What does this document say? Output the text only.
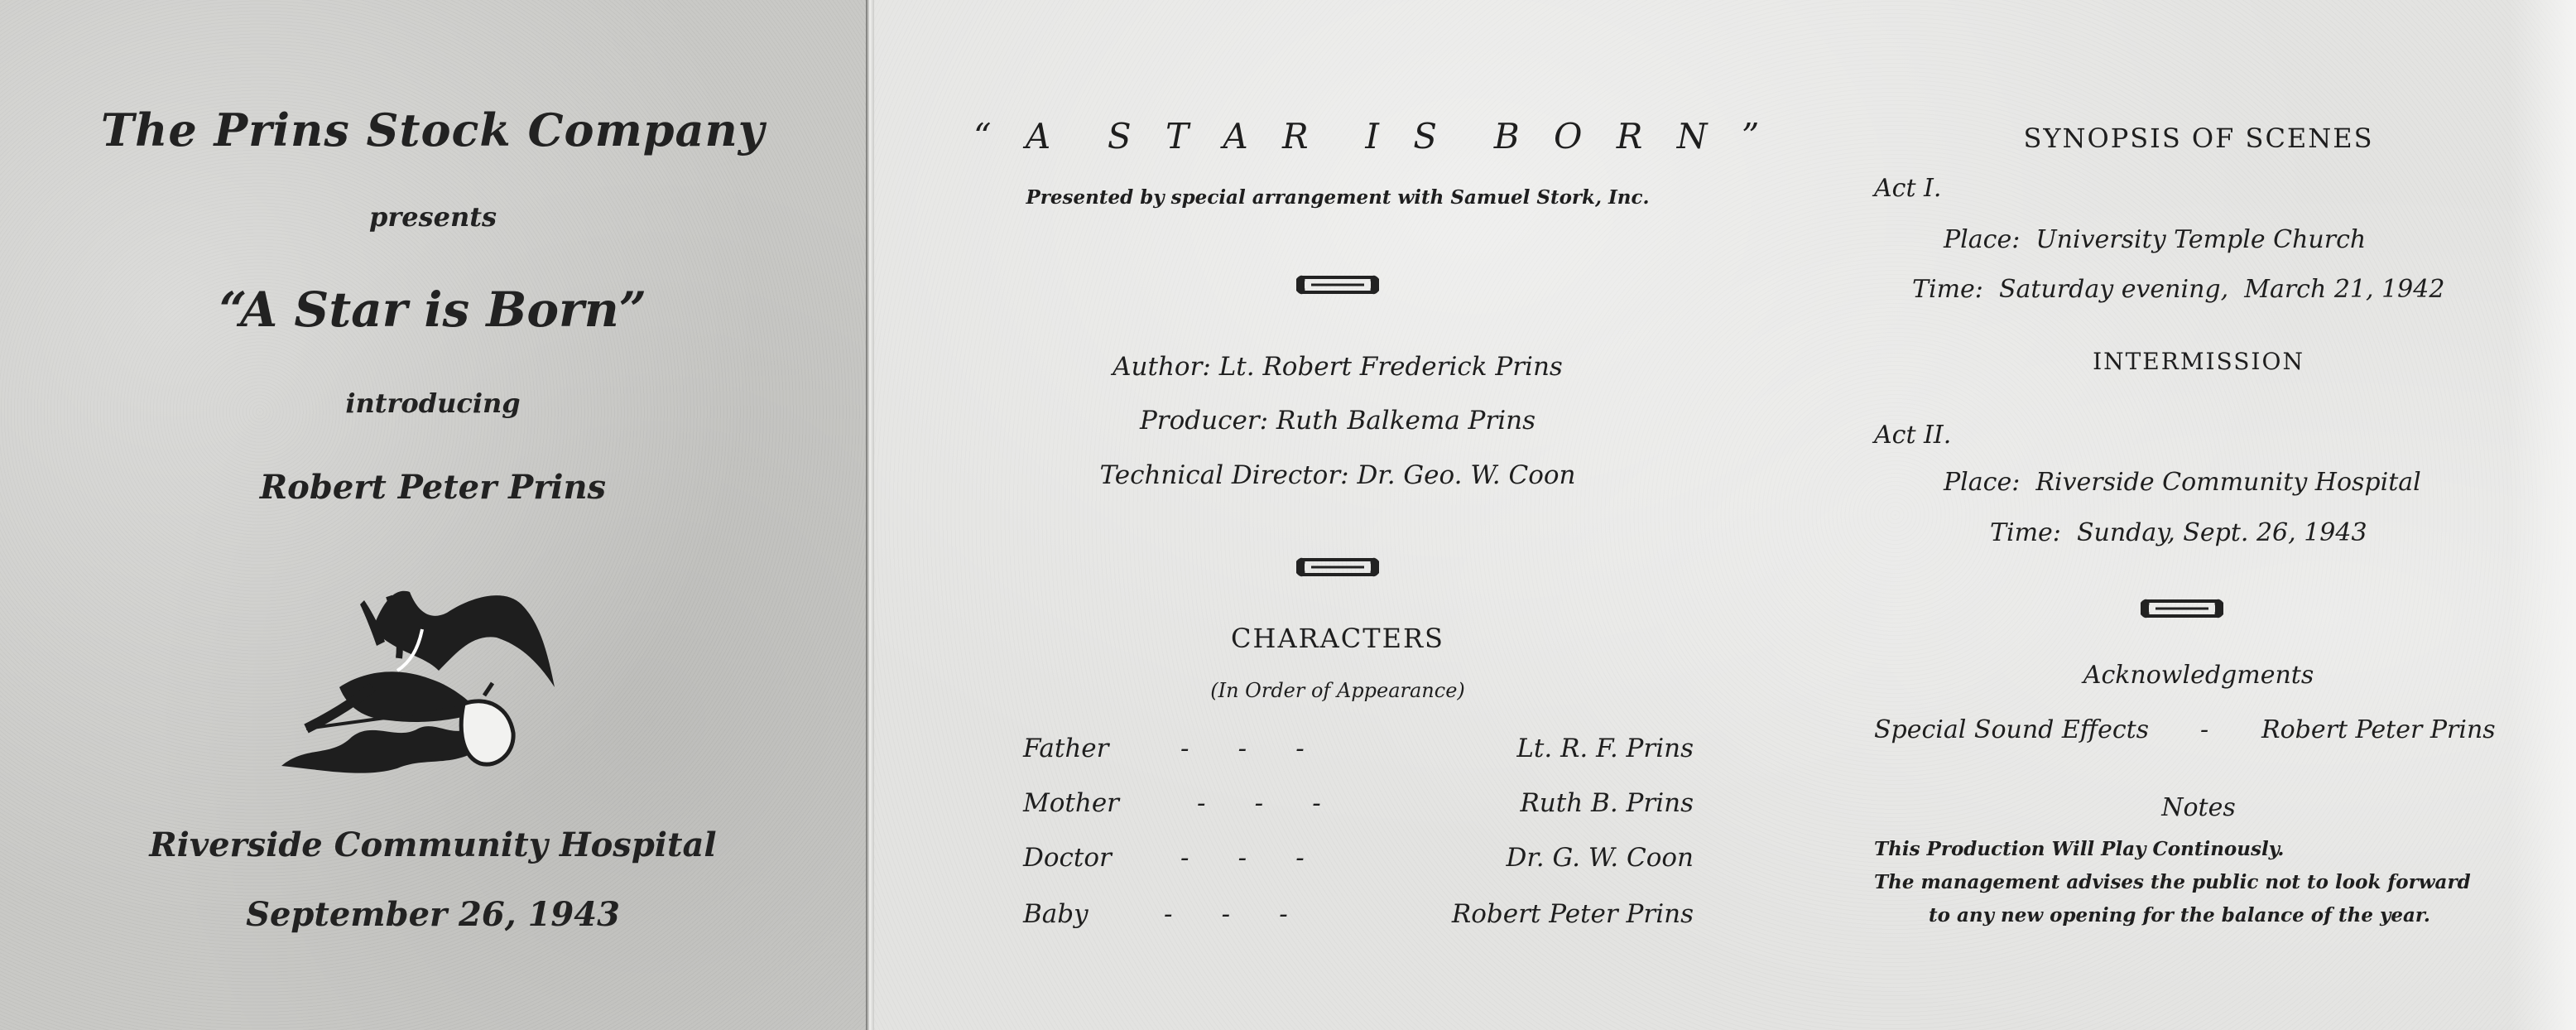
The Prins Stock Company
presents
“A Star is Born”
introducing
Robert Peter Prins
Riverside Community Hospital
September 26, 1943
“ A  S T A R  I S  B O R N ”
Presented by special arrangement with Samuel Stork, Inc.
Author: Lt. Robert Frederick Prins
Producer: Ruth Balkema Prins
Technical Director: Dr. Geo. W. Coon
CHARACTERS
(In Order of Appearance)
Father	-      -      -	Lt. R. F. Prins
Mother	-      -      -	Ruth B. Prins
Doctor	-      -      -	Dr. G. W. Coon
Baby	-      -      -	Robert Peter Prins
SYNOPSIS OF SCENES
Act I.
Place:  University Temple Church
Time:  Saturday evening,  March 21, 1942
INTERMISSION
Act II.
Place:  Riverside Community Hospital
Time:  Sunday, Sept. 26, 1943
Acknowledgments
Special Sound Effects - Robert Peter Prins
Notes
This Production Will Play Continously.
The management advises the public not to look forward
to any new opening for the balance of the year.
